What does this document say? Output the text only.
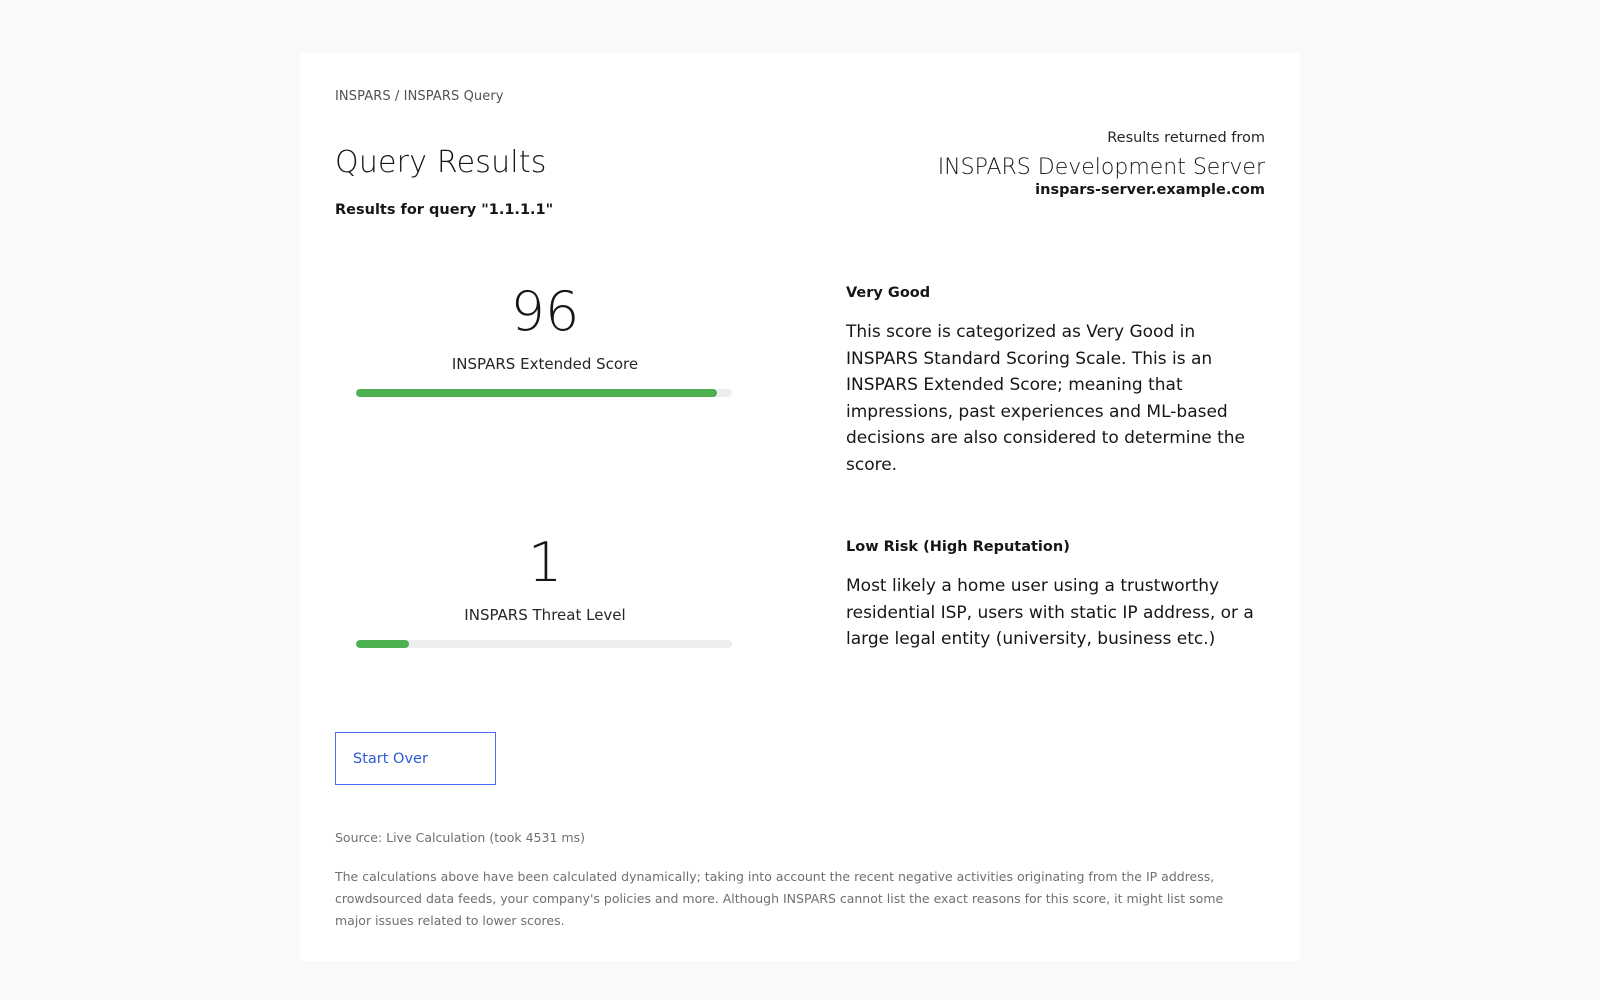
INSPARS / INSPARS Query
Query Results
Results for query "1.1.1.1"
Results returned from
INSPARS Development Server
inspars-server.example.com
96
INSPARS Extended Score
Very Good
This score is categorized as Very Good in INSPARS Standard Scoring Scale. This is an INSPARS Extended Score; meaning that impressions, past experiences and ML-based decisions are also considered to determine the score.
1
INSPARS Threat Level
Low Risk (High Reputation)
Most likely a home user using a trustworthy residential ISP, users with static IP address, or a large legal entity (university, business etc.)
Start Over
Source: Live Calculation (took 4531 ms)
The calculations above have been calculated dynamically; taking into account the recent negative activities originating from the IP address, crowdsourced data feeds, your company's policies and more. Although INSPARS cannot list the exact reasons for this score, it might list some major issues related to lower scores.
